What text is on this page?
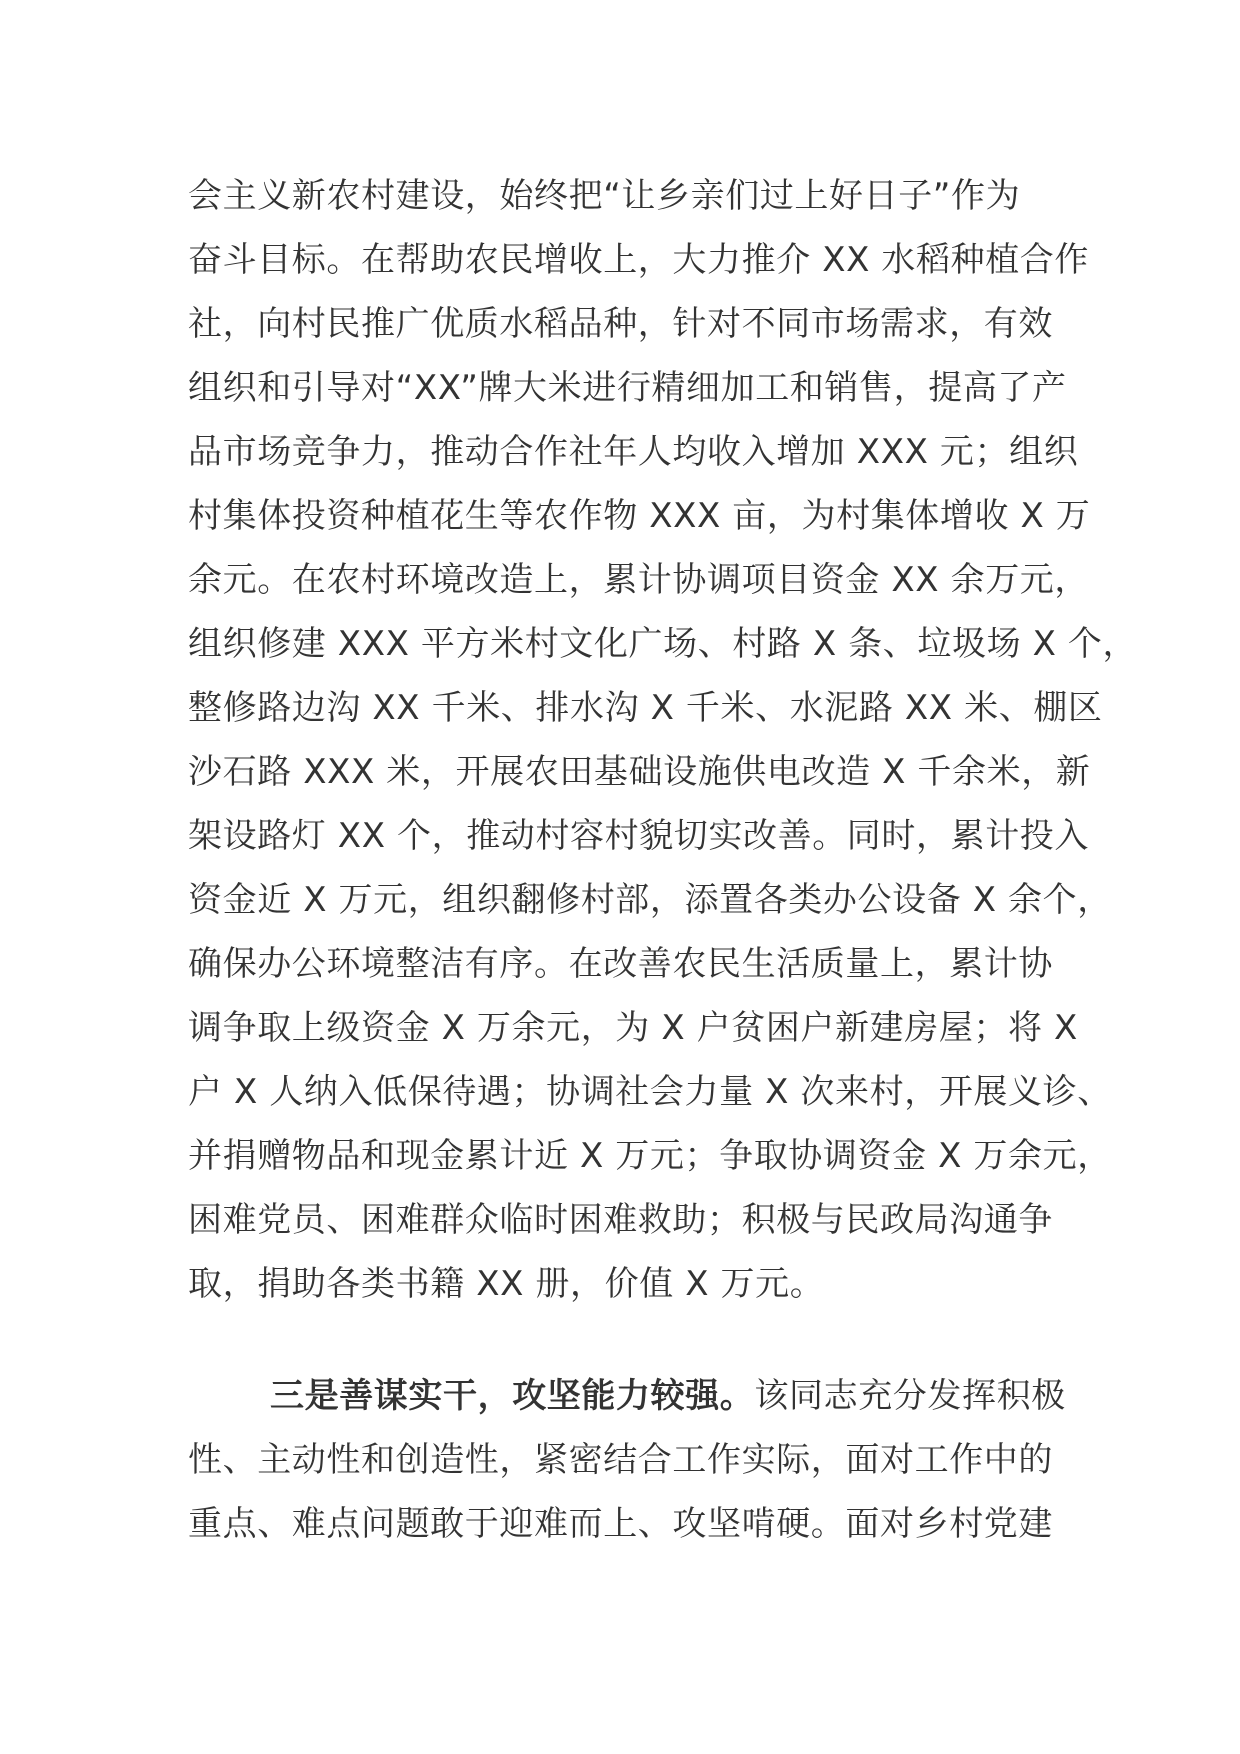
会主义新农村建设，始终把“让乡亲们过上好日子”作为
奋斗目标。在帮助农民增收上，大力推介 XX 水稻种植合作
社，向村民推广优质水稻品种，针对不同市场需求，有效
组织和引导对“XX”牌大米进行精细加工和销售，提高了产
品市场竞争力，推动合作社年人均收入增加 XXX 元；组织
村集体投资种植花生等农作物 XXX 亩，为村集体增收 X 万
余元。在农村环境改造上，累计协调项目资金 XX 余万元，
组织修建 XXX 平方米村文化广场、村路 X 条、垃圾场 X 个，
整修路边沟 XX 千米、排水沟 X 千米、水泥路 XX 米、棚区
沙石路 XXX 米，开展农田基础设施供电改造 X 千余米，新
架设路灯 XX 个，推动村容村貌切实改善。同时，累计投入
资金近 X 万元，组织翻修村部，添置各类办公设备 X 余个，
确保办公环境整洁有序。在改善农民生活质量上，累计协
调争取上级资金 X 万余元，为 X 户贫困户新建房屋；将 X
户 X 人纳入低保待遇；协调社会力量 X 次来村，开展义诊、
并捐赠物品和现金累计近 X 万元；争取协调资金 X 万余元，
困难党员、困难群众临时困难救助；积极与民政局沟通争
取，捐助各类书籍 XX 册，价值 X 万元。
三是善谋实干，攻坚能力较强。该同志充分发挥积极
性、主动性和创造性，紧密结合工作实际，面对工作中的
重点、难点问题敢于迎难而上、攻坚啃硬。面对乡村党建
